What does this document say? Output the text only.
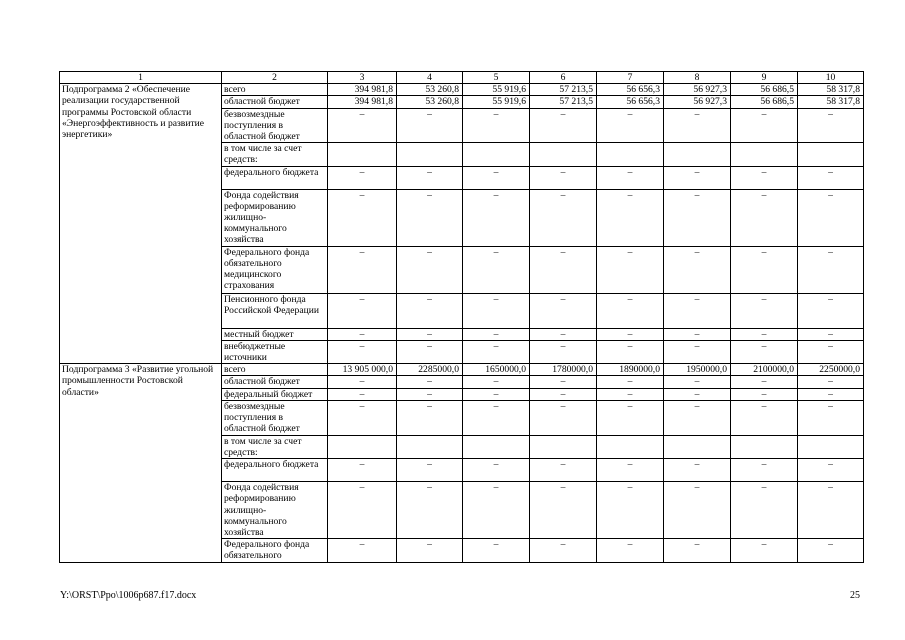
1	2	3	4	5	6	7	8	9	10
Подпрограмма 2 «Обеспечение реализации государственной программы Ростовской области «Энергоэффективность и развитие энергетики»	всего	394 981,8	53 260,8	55 919,6	57 213,5	56 656,3	56 927,3	56 686,5	58 317,8
	областной бюджет	394 981,8	53 260,8	55 919,6	57 213,5	56 656,3	56 927,3	56 686,5	58 317,8
	безвозмездные поступления в областной бюджет	–	–	–	–	–	–	–	–
	в том числе за счет средств:								
	федерального бюджета	–	–	–	–	–	–	–	–
	Фонда содействия реформированию жилищно-коммунального хозяйства	–	–	–	–	–	–	–	–
	Федерального фонда обязательного медицинского страхования	–	–	–	–	–	–	–	–
	Пенсионного фонда Российской Федерации	–	–	–	–	–	–	–	–
	местный бюджет	–	–	–	–	–	–	–	–
	внебюджетные источники	–	–	–	–	–	–	–	–
Подпрограмма 3 «Развитие угольной промышленности Ростовской области»	всего	13 905 000,0	2285000,0	1650000,0	1780000,0	1890000,0	1950000,0	2100000,0	2250000,0
	областной бюджет	–	–	–	–	–	–	–	–
	федеральный бюджет	–	–	–	–	–	–	–	–
	безвозмездные поступления в областной бюджет	–	–	–	–	–	–	–	–
	в том числе за счет средств:								
	федерального бюджета	–	–	–	–	–	–	–	–
	Фонда содействия реформированию жилищно-коммунального хозяйства	–	–	–	–	–	–	–	–
	Федерального фонда обязательного	–	–	–	–	–	–	–	–
Y:\ORST\Ppo\1006p687.f17.docx	25
